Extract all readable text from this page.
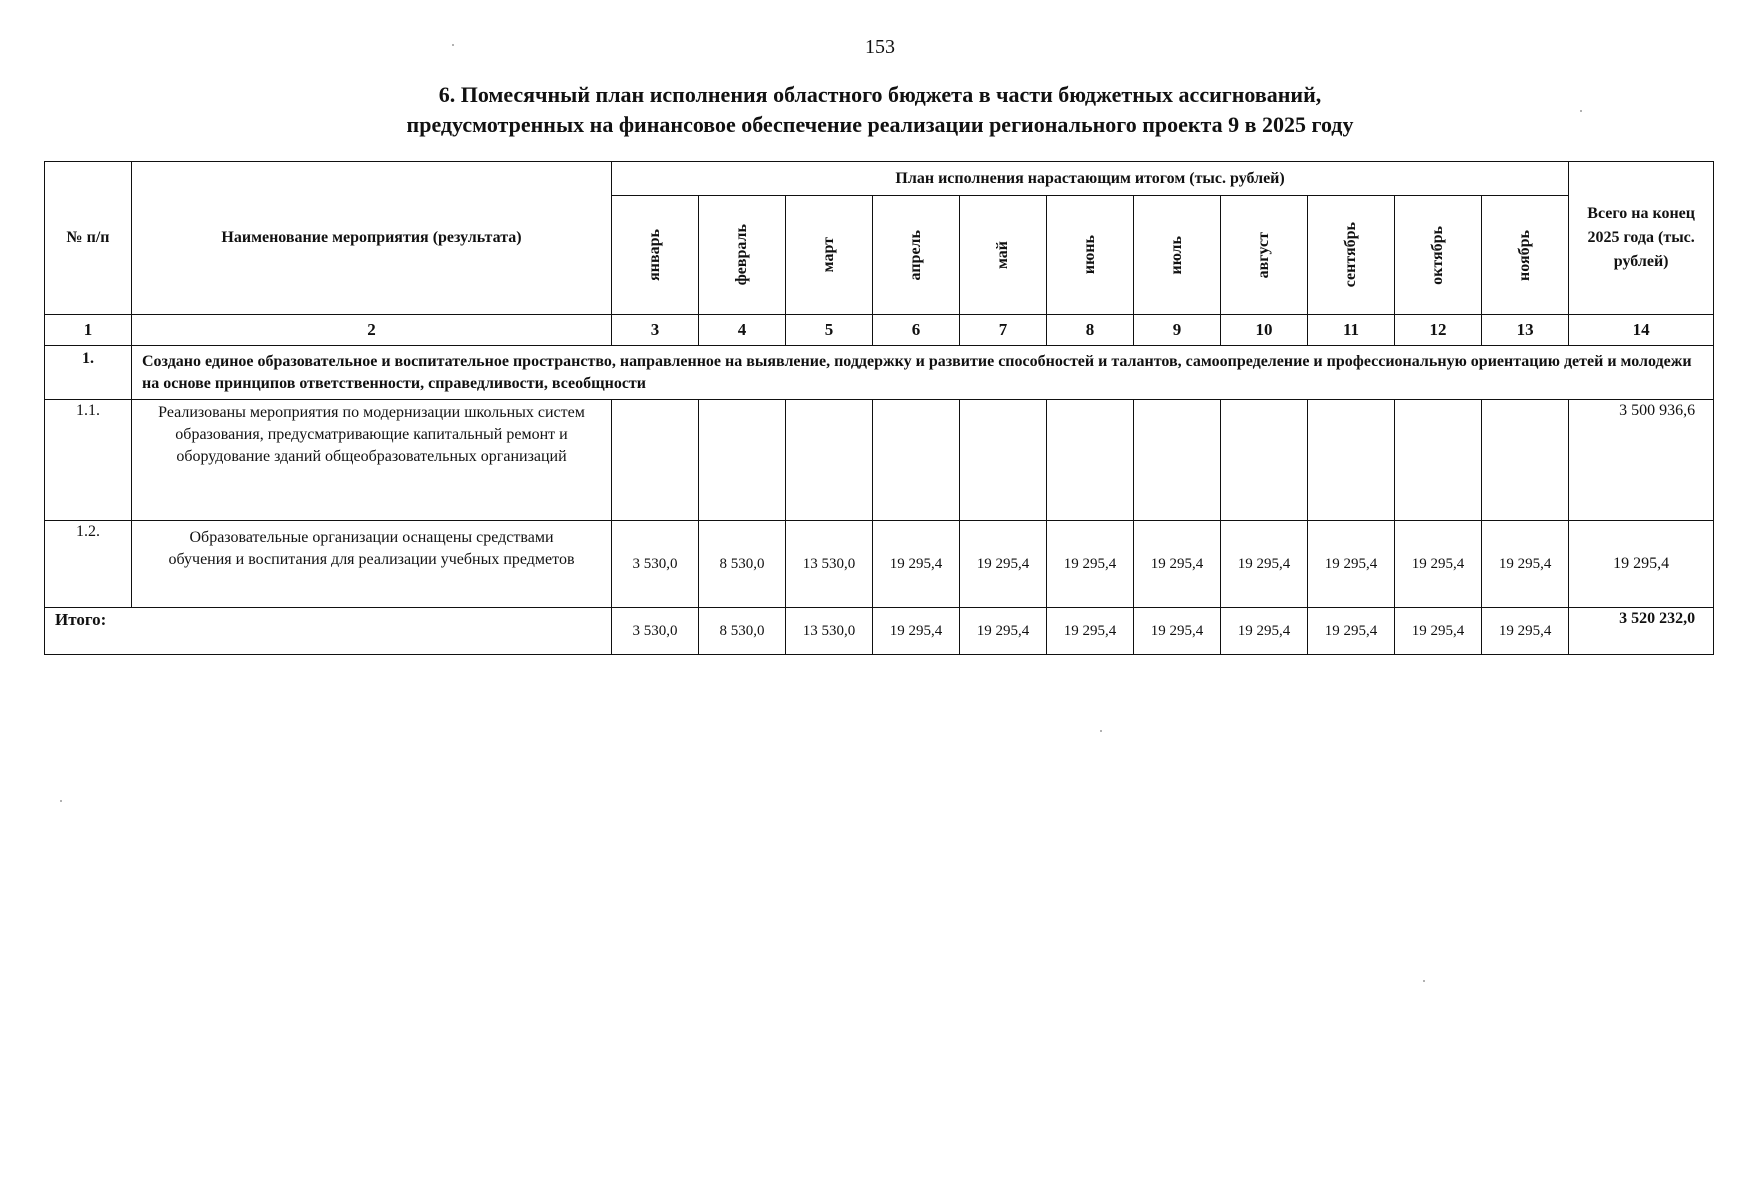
153
6. Помесячный план исполнения областного бюджета в части бюджетных ассигнований,
предусмотренных на финансовое обеспечение реализации регионального проекта 9 в 2025 году
№ п/п	Наименование мероприятия (результата)	План исполнения нарастающим итогом (тыс. рублей)											Всего на конец 2025 года (тыс. рублей)

		январь	февраль	март	апрель	май	июнь	июль	август	сентябрь	октябрь	ноябрь	

1	2	3	4	5	6	7	8	9	10	11	12	13	14
1.	Создано единое образовательное и воспитательное пространство, направленное на выявление, поддержку и развитие способностей и талантов, самоопределение и профессиональную ориентацию детей и молодежи на основе принципов ответственности, справедливости, всеобщности												
1.1.	Реализованы мероприятия по модернизации школьных систем образования, предусматривающие капитальный ремонт и оборудование зданий общеобразовательных организаций												3 500 936,6
1.2.	Образовательные организации оснащены средствами обучения и воспитания для реализации учебных предметов	3 530,0	8 530,0	13 530,0	19 295,4	19 295,4	19 295,4	19 295,4	19 295,4	19 295,4	19 295,4	19 295,4	19 295,4
Итого:		3 530,0	8 530,0	13 530,0	19 295,4	19 295,4	19 295,4	19 295,4	19 295,4	19 295,4	19 295,4	19 295,4	3 520 232,0
